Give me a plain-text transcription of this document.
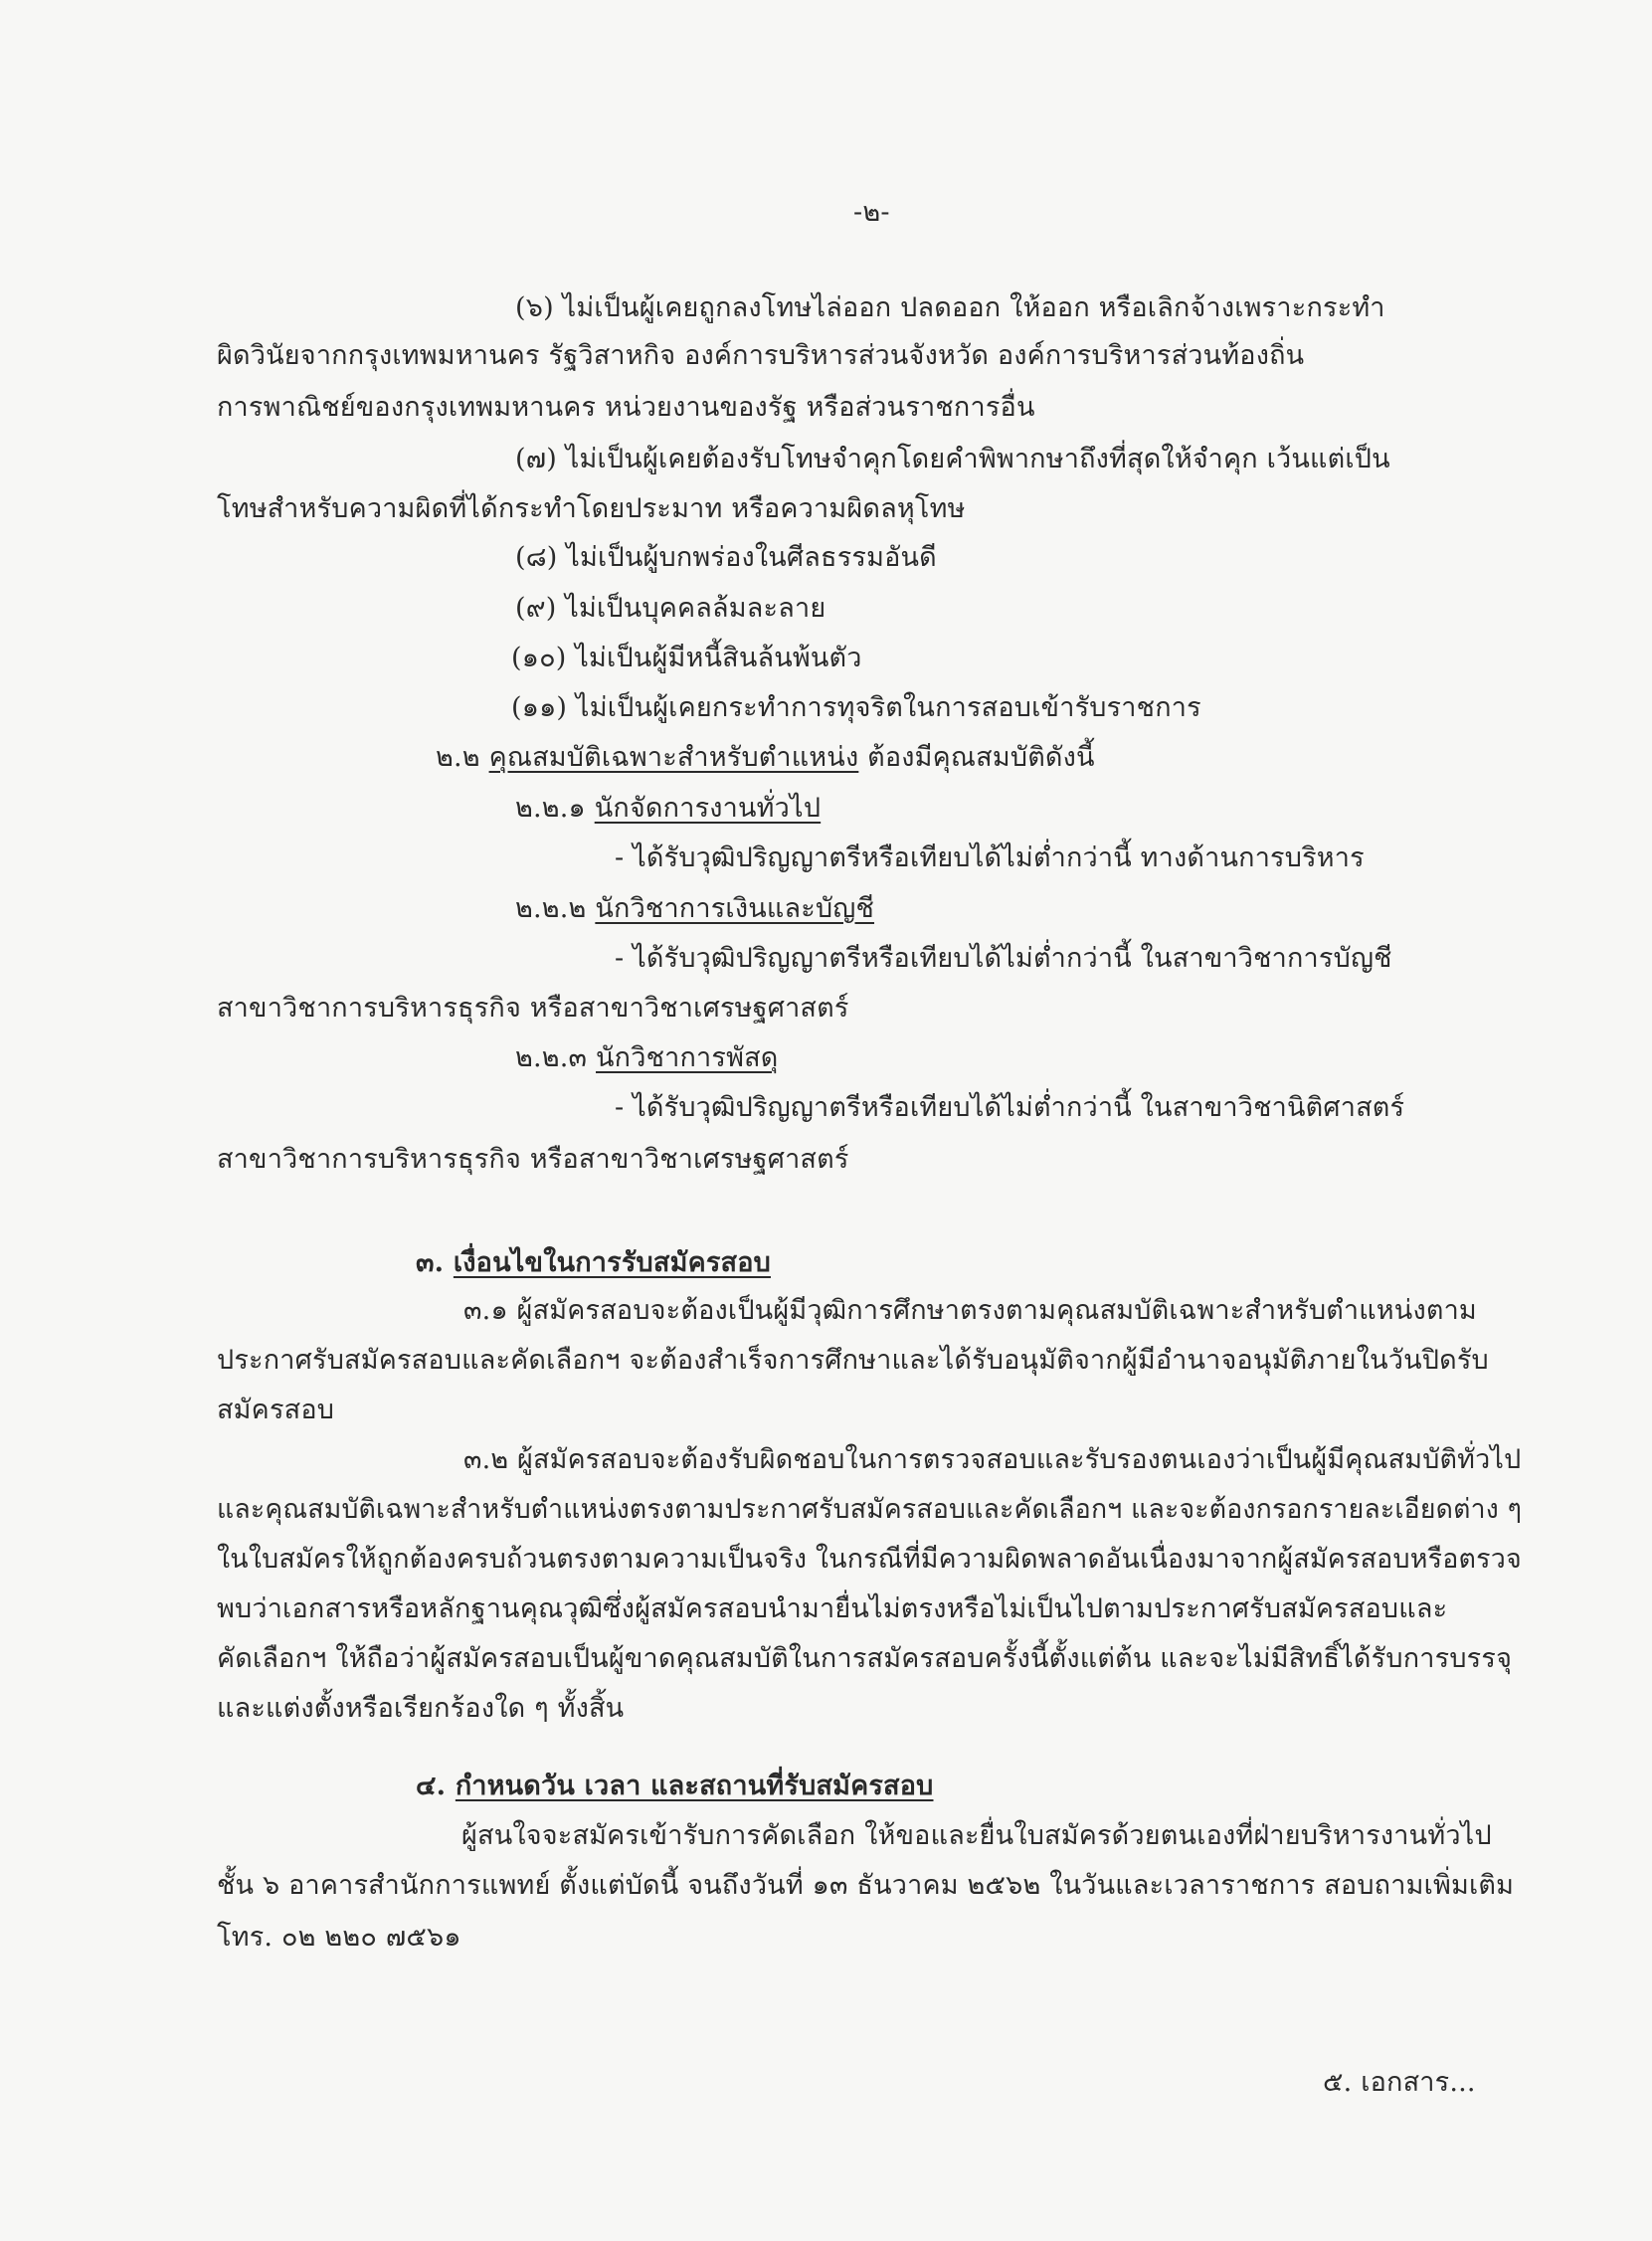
-๒-
(๖) ไม่เป็นผู้เคยถูกลงโทษไล่ออก ปลดออก ให้ออก หรือเลิกจ้างเพราะกระทำ
ผิดวินัยจากกรุงเทพมหานคร รัฐวิสาหกิจ องค์การบริหารส่วนจังหวัด องค์การบริหารส่วนท้องถิ่น
การพาณิชย์ของกรุงเทพมหานคร หน่วยงานของรัฐ หรือส่วนราชการอื่น
(๗) ไม่เป็นผู้เคยต้องรับโทษจำคุกโดยคำพิพากษาถึงที่สุดให้จำคุก เว้นแต่เป็น
โทษสำหรับความผิดที่ได้กระทำโดยประมาท หรือความผิดลหุโทษ
(๘) ไม่เป็นผู้บกพร่องในศีลธรรมอันดี
(๙) ไม่เป็นบุคคลล้มละลาย
(๑๐) ไม่เป็นผู้มีหนี้สินล้นพ้นตัว
(๑๑) ไม่เป็นผู้เคยกระทำการทุจริตในการสอบเข้ารับราชการ
๒.๒ คุณสมบัติเฉพาะสำหรับตำแหน่ง ต้องมีคุณสมบัติดังนี้
๒.๒.๑ นักจัดการงานทั่วไป
- ได้รับวุฒิปริญญาตรีหรือเทียบได้ไม่ต่ำกว่านี้ ทางด้านการบริหาร
๒.๒.๒ นักวิชาการเงินและบัญชี
- ได้รับวุฒิปริญญาตรีหรือเทียบได้ไม่ต่ำกว่านี้ ในสาขาวิชาการบัญชี
สาขาวิชาการบริหารธุรกิจ หรือสาขาวิชาเศรษฐศาสตร์
๒.๒.๓ นักวิชาการพัสดุ
- ได้รับวุฒิปริญญาตรีหรือเทียบได้ไม่ต่ำกว่านี้ ในสาขาวิชานิติศาสตร์
สาขาวิชาการบริหารธุรกิจ หรือสาขาวิชาเศรษฐศาสตร์
๓. เงื่อนไขในการรับสมัครสอบ
๓.๑ ผู้สมัครสอบจะต้องเป็นผู้มีวุฒิการศึกษาตรงตามคุณสมบัติเฉพาะสำหรับตำแหน่งตาม
ประกาศรับสมัครสอบและคัดเลือกฯ จะต้องสำเร็จการศึกษาและได้รับอนุมัติจากผู้มีอำนาจอนุมัติภายในวันปิดรับ
สมัครสอบ
๓.๒ ผู้สมัครสอบจะต้องรับผิดชอบในการตรวจสอบและรับรองตนเองว่าเป็นผู้มีคุณสมบัติทั่วไป
และคุณสมบัติเฉพาะสำหรับตำแหน่งตรงตามประกาศรับสมัครสอบและคัดเลือกฯ และจะต้องกรอกรายละเอียดต่าง ๆ
ในใบสมัครให้ถูกต้องครบถ้วนตรงตามความเป็นจริง ในกรณีที่มีความผิดพลาดอันเนื่องมาจากผู้สมัครสอบหรือตรวจ
พบว่าเอกสารหรือหลักฐานคุณวุฒิซึ่งผู้สมัครสอบนำมายื่นไม่ตรงหรือไม่เป็นไปตามประกาศรับสมัครสอบและ
คัดเลือกฯ ให้ถือว่าผู้สมัครสอบเป็นผู้ขาดคุณสมบัติในการสมัครสอบครั้งนี้ตั้งแต่ต้น และจะไม่มีสิทธิ์ได้รับการบรรจุ
และแต่งตั้งหรือเรียกร้องใด ๆ ทั้งสิ้น
๔. กำหนดวัน เวลา และสถานที่รับสมัครสอบ
ผู้สนใจจะสมัครเข้ารับการคัดเลือก ให้ขอและยื่นใบสมัครด้วยตนเองที่ฝ่ายบริหารงานทั่วไป
ชั้น ๖ อาคารสำนักการแพทย์ ตั้งแต่บัดนี้ จนถึงวันที่ ๑๓ ธันวาคม ๒๕๖๒ ในวันและเวลาราชการ สอบถามเพิ่มเติม
โทร. ๐๒ ๒๒๐ ๗๕๖๑
๕. เอกสาร...
